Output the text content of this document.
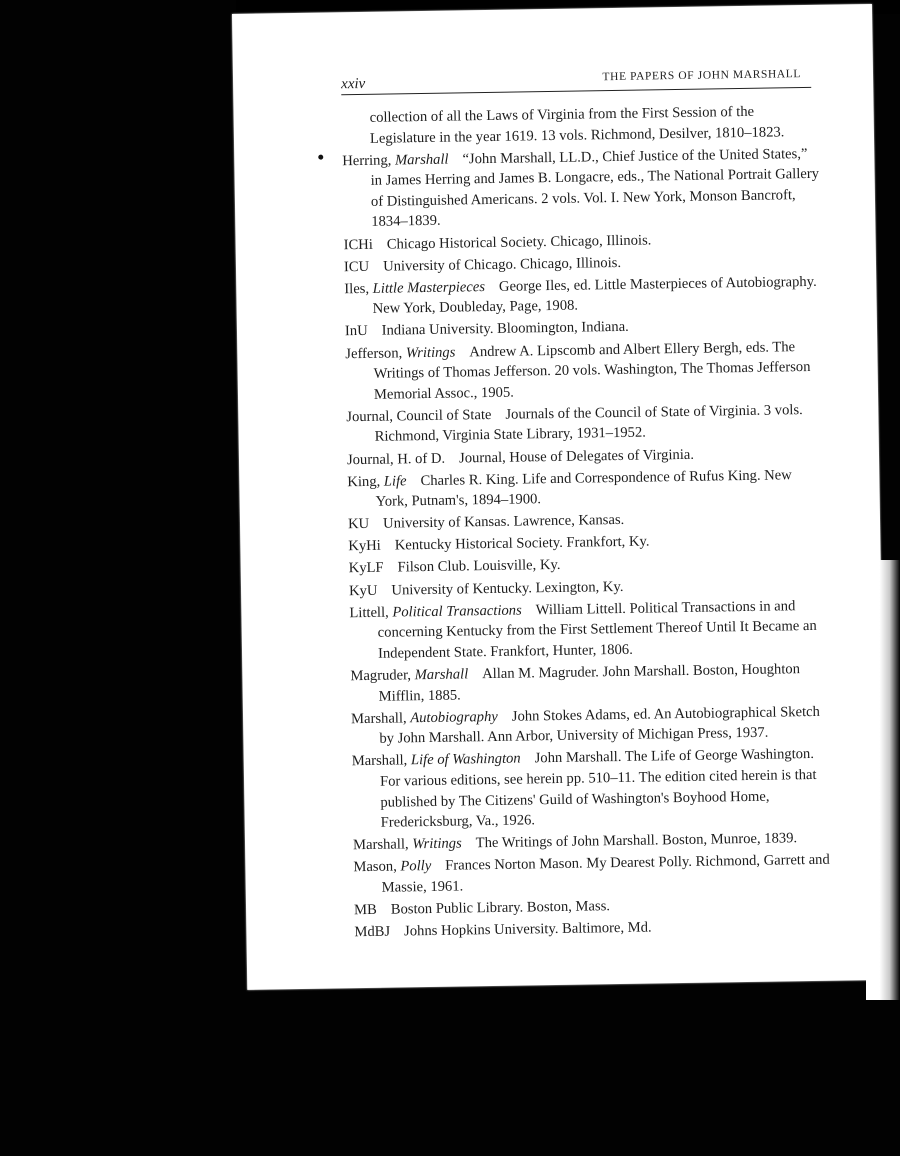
xxiv
THE PAPERS OF JOHN MARSHALL

collection of all the Laws of Virginia from the First Session of the Legislature in the year 1619. 13 vols. Richmond, Desilver, 1810–1823.

Herring, Marshall “John Marshall, LL.D., Chief Justice of the United States,” in James Herring and James B. Longacre, eds., The National Portrait Gallery of Distinguished Americans. 2 vols. Vol. I. New York, Monson Bancroft, 1834–1839.

ICHi Chicago Historical Society. Chicago, Illinois.

ICU University of Chicago. Chicago, Illinois.

Iles, Little Masterpieces George Iles, ed. Little Masterpieces of Autobiography. New York, Doubleday, Page, 1908.

InU Indiana University. Bloomington, Indiana.

Jefferson, Writings Andrew A. Lipscomb and Albert Ellery Bergh, eds. The Writings of Thomas Jefferson. 20 vols. Washington, The Thomas Jefferson Memorial Assoc., 1905.

Journal, Council of State Journals of the Council of State of Virginia. 3 vols. Richmond, Virginia State Library, 1931–1952.

Journal, H. of D. Journal, House of Delegates of Virginia.

King, Life Charles R. King. Life and Correspondence of Rufus King. New York, Putnam's, 1894–1900.

KU University of Kansas. Lawrence, Kansas.

KyHi Kentucky Historical Society. Frankfort, Ky.

KyLF Filson Club. Louisville, Ky.

KyU University of Kentucky. Lexington, Ky.

Littell, Political Transactions William Littell. Political Transactions in and concerning Kentucky from the First Settlement Thereof Until It Became an Independent State. Frankfort, Hunter, 1806.

Magruder, Marshall Allan M. Magruder. John Marshall. Boston, Houghton Mifflin, 1885.

Marshall, Autobiography John Stokes Adams, ed. An Autobiographical Sketch by John Marshall. Ann Arbor, University of Michigan Press, 1937.

Marshall, Life of Washington John Marshall. The Life of George Washington. For various editions, see herein pp. 510–11. The edition cited herein is that published by The Citizens' Guild of Washington's Boyhood Home, Fredericksburg, Va., 1926.

Marshall, Writings The Writings of John Marshall. Boston, Munroe, 1839.

Mason, Polly Frances Norton Mason. My Dearest Polly. Richmond, Garrett and Massie, 1961.

MB Boston Public Library. Boston, Mass.

MdBJ Johns Hopkins University. Baltimore, Md.
